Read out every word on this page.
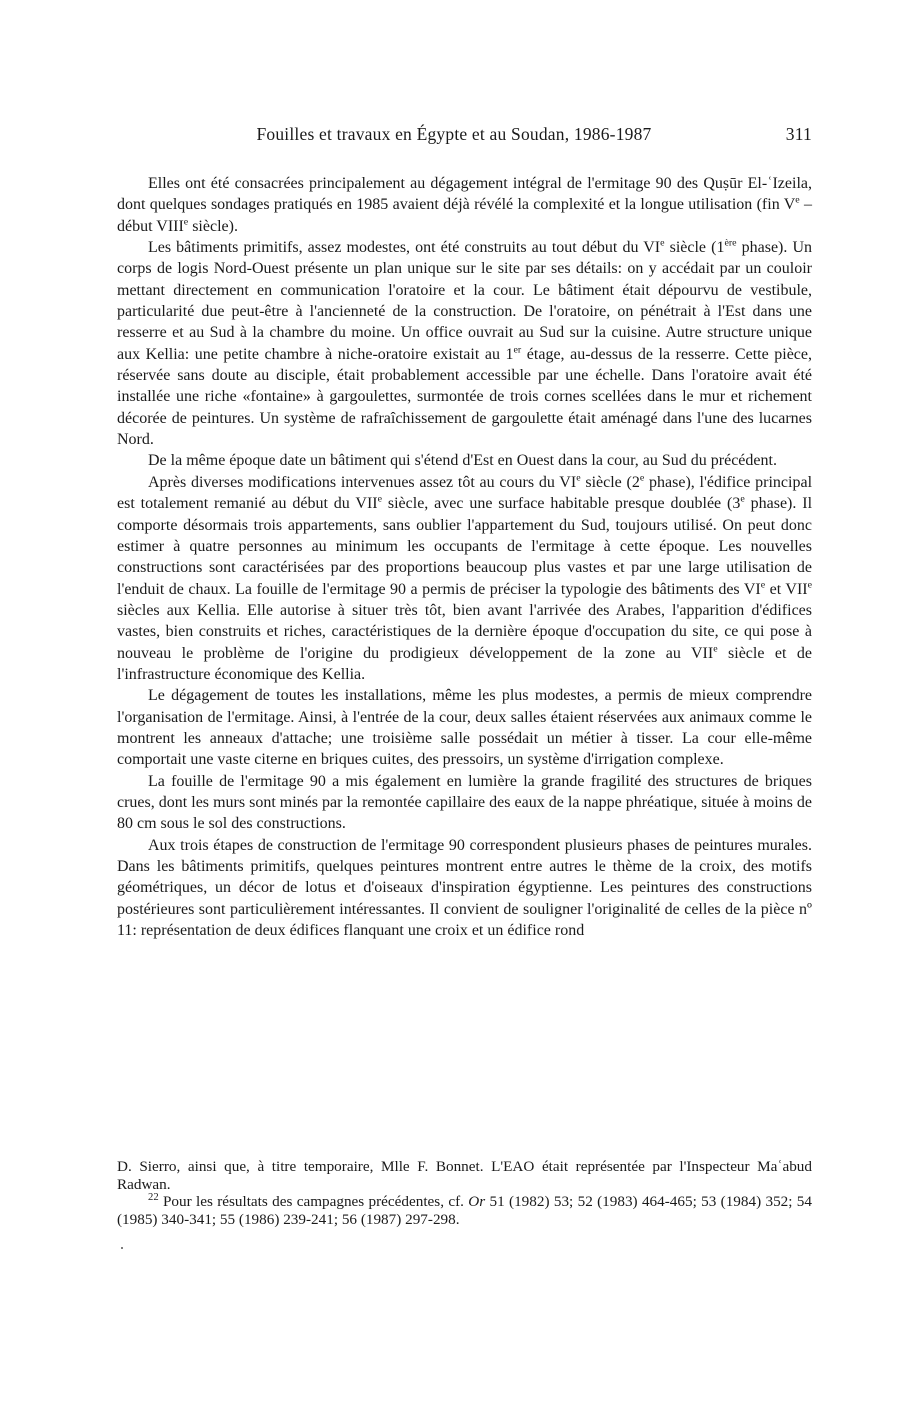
Fouilles et travaux en Égypte et au Soudan, 1986-1987	311

Elles ont été consacrées principalement au dégagement intégral de l'ermitage 90 des Quṣūr El-ʿIzeila, dont quelques sondages pratiqués en 1985 avaient déjà révélé la complexité et la longue utilisation (fin Ve – début VIIIe siècle).

Les bâtiments primitifs, assez modestes, ont été construits au tout début du VIe siècle (1ère phase). Un corps de logis Nord-Ouest présente un plan unique sur le site par ses détails: on y accédait par un couloir mettant directement en communication l'oratoire et la cour. Le bâtiment était dépourvu de vestibule, particularité due peut-être à l'ancienneté de la construction. De l'oratoire, on pénétrait à l'Est dans une resserre et au Sud à la chambre du moine. Un office ouvrait au Sud sur la cuisine. Autre structure unique aux Kellia: une petite chambre à niche-oratoire existait au 1er étage, au-dessus de la resserre. Cette pièce, réservée sans doute au disciple, était probablement accessible par une échelle. Dans l'oratoire avait été installée une riche «fontaine» à gargoulettes, surmontée de trois cornes scellées dans le mur et richement décorée de peintures. Un système de rafraîchissement de gargoulette était aménagé dans l'une des lucarnes Nord.

De la même époque date un bâtiment qui s'étend d'Est en Ouest dans la cour, au Sud du précédent.

Après diverses modifications intervenues assez tôt au cours du VIe siècle (2e phase), l'édifice principal est totalement remanié au début du VIIe siècle, avec une surface habitable presque doublée (3e phase). Il comporte désormais trois appartements, sans oublier l'appartement du Sud, toujours utilisé. On peut donc estimer à quatre personnes au minimum les occupants de l'ermitage à cette époque. Les nouvelles constructions sont caractérisées par des proportions beaucoup plus vastes et par une large utilisation de l'enduit de chaux. La fouille de l'ermitage 90 a permis de préciser la typologie des bâtiments des VIe et VIIe siècles aux Kellia. Elle autorise à situer très tôt, bien avant l'arrivée des Arabes, l'apparition d'édifices vastes, bien construits et riches, caractéristiques de la dernière époque d'occupation du site, ce qui pose à nouveau le problème de l'origine du prodigieux développement de la zone au VIIe siècle et de l'infrastructure économique des Kellia.

Le dégagement de toutes les installations, même les plus modestes, a permis de mieux comprendre l'organisation de l'ermitage. Ainsi, à l'entrée de la cour, deux salles étaient réservées aux animaux comme le montrent les anneaux d'attache; une troisième salle possédait un métier à tisser. La cour elle-même comportait une vaste citerne en briques cuites, des pressoirs, un système d'irrigation complexe.

La fouille de l'ermitage 90 a mis également en lumière la grande fragilité des structures de briques crues, dont les murs sont minés par la remontée capillaire des eaux de la nappe phréatique, située à moins de 80 cm sous le sol des constructions.

Aux trois étapes de construction de l'ermitage 90 correspondent plusieurs phases de peintures murales. Dans les bâtiments primitifs, quelques peintures montrent entre autres le thème de la croix, des motifs géométriques, un décor de lotus et d'oiseaux d'inspiration égyptienne. Les peintures des constructions postérieures sont particulièrement intéressantes. Il convient de souligner l'originalité de celles de la pièce nº 11: représentation de deux édifices flanquant une croix et un édifice rond

D. Sierro, ainsi que, à titre temporaire, Mlle F. Bonnet. L'EAO était représentée par l'Inspecteur Maʿabud Radwan.

$^{22}$ Pour les résultats des campagnes précédentes, cf. Or 51 (1982) 53; 52 (1983) 464-465; 53 (1984) 352; 54 (1985) 340-341; 55 (1986) 239-241; 56 (1987) 297-298.
